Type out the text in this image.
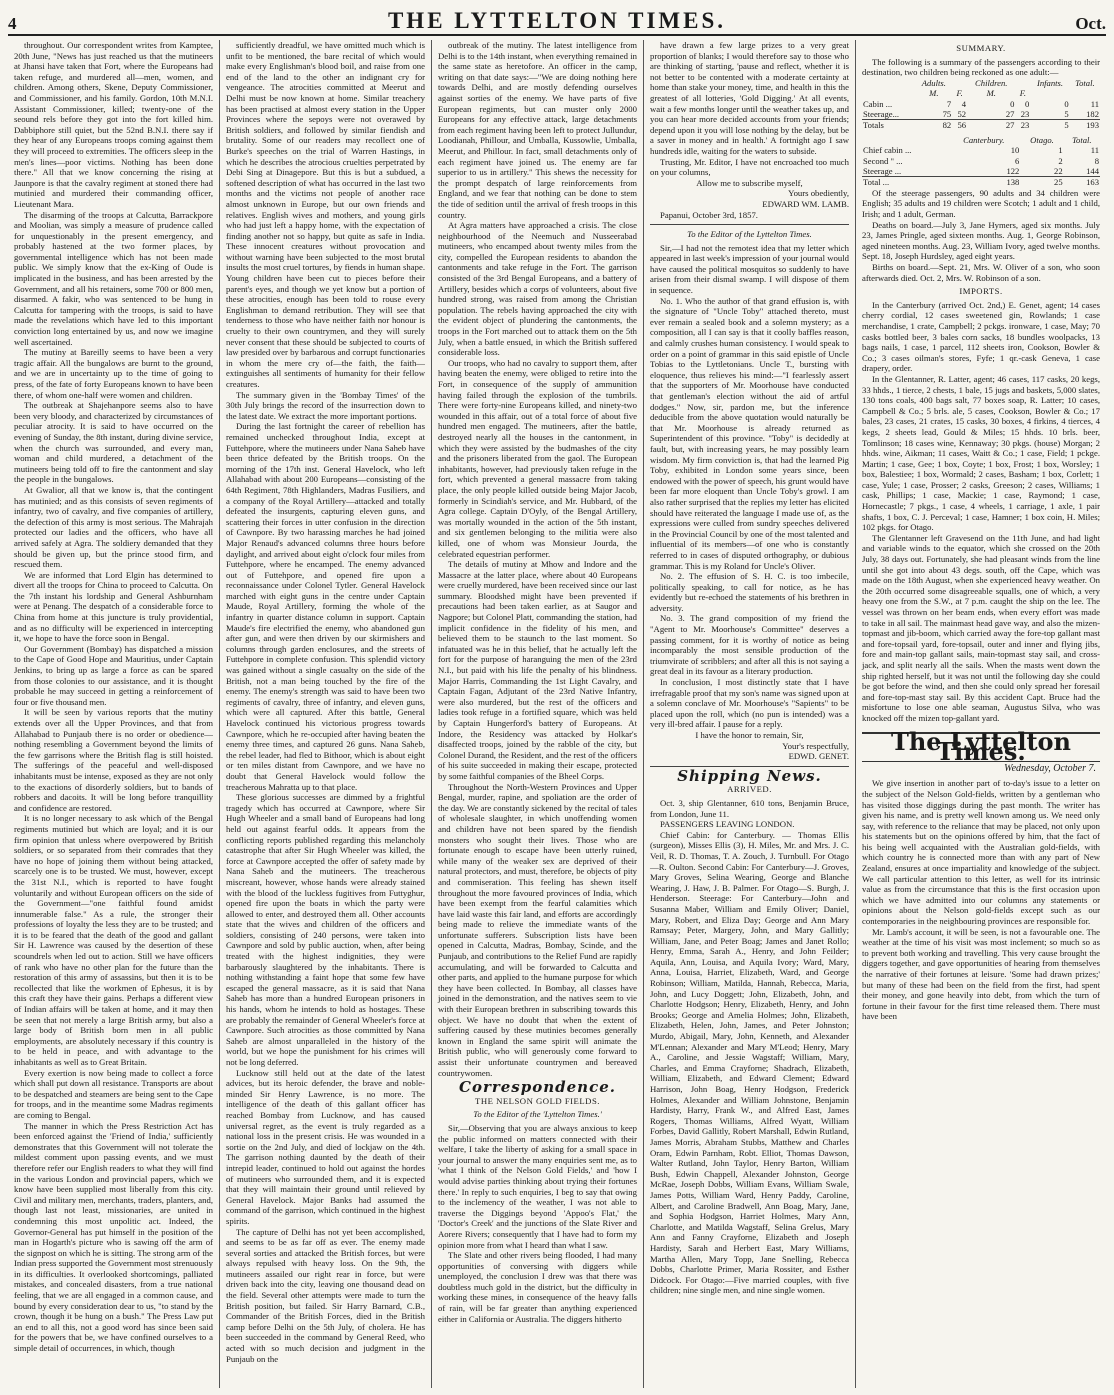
4	THE LYTTELTON TIMES.	Oct.

throughout. Our correspondent writes from Kamptee, 20th June, "News has just reached us that the mutineers at Jhansi have taken that Fort, where the Europeans had taken refuge, and murdered all—men, women, and children. Among others, Skene, Deputy Commissioner, and Commissioner, and his family. Gordon, 10th M.N.I. Assistant Commissioner, killed; twenty-one of the seound rels before they got into the fort killed him. Dabbiphore still quiet, but the 52nd B.N.I. there say if they hear of any Europeans troops coming against them they will proceed to extremities. The officers sleep in the men's lines—poor victims. Nothing has been done there." All that we know concerning the rising at Jaunpore is that the cavalry regiment at stoned there had mutinied and murdered their commanding officer, Lieutenant Mara.

The disarming of the troops at Calcutta, Barrackpore and Moolian, was simply a measure of prudence called for unquestionably in the present emergency, and probably hastened at the two former places, by governmental intelligence which has not been made public. We simply know that the ex-King of Oude is implicated in the business, and has been arrested by the Government, and all his retainers, some 700 or 800 men, disarmed. A fakir, who was sentenced to be hung in Calcutta for tampering with the troops, is said to have made the revelations which have led to this important conviction long entertained by us, and now we imagine well ascertained.

The mutiny at Bareilly seems to have been a very tragic affair. All the bungalows are burnt to the ground, and we are in uncertainty up to the time of going to press, of the fate of forty Europeans known to have been there, of whom one-half were women and children.

The outbreak at Shajehanpore seems also to have been very bloody, and characterized by circumstances of peculiar atrocity. It is said to have occurred on the evening of Sunday, the 8th instant, during divine service, when the church was surrounded, and every man, woman and child murdered, a detachment of the mutineers being told off to fire the cantonment and slay the people in the bungalows.

At Gwalior, all that we know is, that the contingent has mutinied; and as this consists of seven regiments of infantry, two of cavalry, and five companies of artillery, the defection of this army is most serious. The Mahrajah protected our ladies and the officers, who have all arrived safely at Agra. The soldiery demanded that they should be given up, but the prince stood firm, and rescued them.

We are informed that Lord Elgin has determined to divert all the troops for China to proceed to Calcutta. On the 7th instant his lordship and General Ashburnham were at Penang. The despatch of a considerable force to China from home at this juncture is truly providential, and as no difficulty will be experienced in intercepting it, we hope to have the force soon in Bengal.

Our Government (Bombay) has dispatched a mission to the Cape of Good Hope and Mauritius, under Captain Jenkins, to bring up as large a force as can be spared from those colonies to our assistance, and it is thought probable he may succeed in getting a reinforcement of four or five thousand men.

It will be seen by various reports that the mutiny extends over all the Upper Provinces, and that from Allahabad to Punjaub there is no order or obedience—nothing resembling a Government beyond the limits of the few garrisons where the British flag is still hoisted. The sufferings of the peaceful and well-disposed inhabitants must be intense, exposed as they are not only to the exactions of disorderly soldiers, but to bands of robbers and dacoits. It will be long before tranquillity and confidence are restored.

It is no longer necessary to ask which of the Bengal regiments mutinied but which are loyal; and it is our firm opinion that unless where overpowered by British soldiers, or so separated from their comrades that they have no hope of joining them without being attacked, scarcely one is to be trusted. We must, however, except the 31st N.I., which is reported to have fought voluntarily and without European officers on the side of the Government—"one faithful found amidst innumerable false." As a rule, the stronger their professions of loyalty the less they are to be trusted; and it is to be feared that the death of the good and gallant Sir H. Lawrence was caused by the desertion of these scoundrels when led out to action. Still we have officers of rank who have no other plan for the future than the restoration of this army of assassins, but then it is to be recollected that like the workmen of Ephesus, it is by this craft they have their gains. Perhaps a different view of Indian affairs will be taken at home, and it may then be seen that not merely a large British army, but also a large body of British born men in all public employments, are absolutely necessary if this country is to be held in peace, and with advantage to the inhabitants as well as to Great Britain.

Every exertion is now being made to collect a force which shall put down all resistance. Transports are about to be despatched and steamers are being sent to the Cape for troops, and in the meantime some Madras regiments are coming to Bengal.

The manner in which the Press Restriction Act has been enforced against the 'Friend of India,' sufficiently demonstrates that this Government will not tolerate the mildest comment upon passing events, and we must therefore refer our English readers to what they will find in the various London and provincial papers, which we know have been supplied most liberally from this city. Civil and military men, merchants, traders, planters, and, though last not least, missionaries, are united in condemning this most unpolitic act. Indeed, the Governor-General has put himself in the position of the man in Hogarth's picture who is sawing off the arm of the signpost on which he is sitting. The strong arm of the Indian press supported the Government most strenuously in its difficulties. It overlooked shortcomings, palliated mistakes, and concealed disasters, from a true national feeling, that we are all engaged in a common cause, and bound by every consideration dear to us, "to stand by the crown, though it be hung on a bush." The Press Law put an end to all this, not a good word has since been said for the powers that be, we have confined ourselves to a simple detail of occurrences, in which, though

sufficiently dreadful, we have omitted much which is unfit to be mentioned, the bare recital of which would make every Englishman's blood boil, and raise from one end of the land to the other an indignant cry for vengeance. The atrocities committed at Meerut and Delhi must be now known at home. Similar treachery has been practised at almost every station in the Upper Provinces where the sepoys were not overawed by British soldiers, and followed by similar fiendish and brutality. Some of our readers may recollect one of Burke's speeches on the trial of Warren Hastings, in which he describes the atrocious cruelties perpetrated by Debi Sing at Dinagepore. But this is but a subdued, a softened description of what has occurred in the last two months and the victims not people of another race almost unknown in Europe, but our own friends and relatives. English wives and mothers, and young girls who had just left a happy home, with the expectation of finding another not so happy, but quite as safe in India. These innocent creatures without provocation and without warning have been subjected to the most brutal insults the most cruel tortures, by fiends in human shape. Young children have been cut to pieces before their parent's eyes, and though we yet know but a portion of these atrocities, enough has been told to rouse every Englishman to demand retribution. They will see that tenderness to those who have neither faith nor honour is cruelty to their own countrymen, and they will surely never consent that these should be subjected to courts of law presided over by barbarous and corrupt functionaries in whom the mere cry of—the faith, the faith—extinguishes all sentiments of humanity for their fellow creatures.

The summary given in the 'Bombay Times' of the 30th July brings the record of the insurrection down to the latest date. We extract the more important portions.

During the last fortnight the career of rebellion has remained unchecked throughout India, except at Futtehpore, where the mutineers under Nana Saheb have been thrice defeated by the British troops. On the morning of the 17th inst. General Havelock, who left Allahabad with about 200 Europeans—consisting of the 64th Regiment, 78th Highlanders, Madras Fusiliers, and a company of the Royal Artillery—attacked and totally defeated the insurgents, capturing eleven guns, and scattering their forces in utter confusion in the direction of Cawnpore. By two harassing marches he had joined Major Renaud's advanced columns three hours before daylight, and arrived about eight o'clock four miles from Futtehpore, where he encamped. The enemy advanced out of Futtehpore, and opened fire upon a reconnaissance under Colonel Tytler. General Havelock marched with eight guns in the centre under Captain Maude, Royal Artillery, forming the whole of the infantry in quarter distance column in support. Captain Maude's fire electrified the enemy, who abandoned gun after gun, and were then driven by our skirmishers and columns through garden enclosures, and the streets of Futtehpore in complete confusion. This splendid victory was gained without a single casualty on the side of the British, not a man being touched by the fire of the enemy. The enemy's strength was said to have been two regiments of cavalry, three of infantry, and eleven guns, which were all captured. After this battle, General Havelock continued his victorious progress towards Cawnpore, which he re-occupied after having beaten the enemy three times, and captured 26 guns. Nana Saheb, the rebel leader, had fled to Bithoor, which is about eight or ten miles distant from Cawnpore, and we have no doubt that General Havelock would follow the treacherous Mahratta up to that place.

These glorious successes are dimmed by a frightful tragedy which has occurred at Cawnpore, where Sir Hugh Wheeler and a small band of Europeans had long held out against fearful odds. It appears from the conflicting reports published regarding this melancholy catastrophe that after Sir Hugh Wheeler was killed, the force at Cawnpore accepted the offer of safety made by Nana Saheb and the mutineers. The treacherous miscreant, however, whose hands were already stained with the blood of the luckless fugitives from Futtyghur, opened fire upon the boats in which the party were allowed to enter, and destroyed them all. Other accounts state that the wives and children of the officers and soldiers, consisting of 240 persons, were taken into Cawnpore and sold by public auction, when, after being treated with the highest indignities, they were barbarously slaughtered by the inhabitants. There is nothing withstanding a faint hope that some few have escaped the general massacre, as it is said that Nana Saheb has more than a hundred European prisoners in his hands, whom he intends to hold as hostages. These are probably the remainder of General Wheeler's force at Cawnpore. Such atrocities as those committed by Nana Saheb are almost unparalleled in the history of the world, but we hope the punishment for his crimes will not be long deferred.

Lucknow still held out at the date of the latest advices, but its heroic defender, the brave and noble-minded Sir Henry Lawrence, is no more. The intelligence of the death of this gallant officer has reached Bombay from Lucknow, and has caused universal regret, as the event is truly regarded as a national loss in the present crisis. He was wounded in a sortie on the 2nd July, and died of lockjaw on the 4th. The garrison nothing daunted by the death of their intrepid leader, continued to hold out against the hordes of mutineers who surrounded them, and it is expected that they will maintain their ground until relieved by General Havelock. Major Banks had assumed the command of the garrison, which continued in the highest spirits.

The capture of Delhi has not yet been accomplished, and seems to be as far off as ever. The enemy made several sorties and attacked the British forces, but were always repulsed with heavy loss. On the 9th, the mutineers assailed our right rear in force, but were driven back into the city, leaving one thousand dead on the field. Several other attempts were made to turn the British position, but failed. Sir Harry Barnard, C.B., Commander of the British Forces, died in the British camp before Delhi on the 5th July, of cholera. He has been succeeded in the command by General Reed, who acted with so much decision and judgment in the Punjaub on the

outbreak of the mutiny. The latest intelligence from Delhi is to the 14th instant, when everything remained in the same state as heretofore. An officer in the camp, writing on that date says:—"We are doing nothing here towards Delhi, and are mostly defending ourselves against sorties of the enemy. We have parts of five European regiments, but can muster only 2000 Europeans for any effective attack, large detachments from each regiment having been left to protect Jullundur, Loodianah, Phillour, and Umballa, Kussowlie, Umballa, Meerut, and Phillour. In fact, small detachments only of each regiment have joined us. The enemy are far superior to us in artillery." This shews the necessity for the prompt despatch of large reinforcements from England, and we fear that nothing can be done to stem the tide of sedition until the arrival of fresh troops in this country.

At Agra matters have approached a crisis. The close neighbourhood of the Neemuch and Nusseerabad mutineers, who encamped about twenty miles from the city, compelled the European residents to abandon the cantonments and take refuge in the Fort. The garrison consisted of the 3rd Bengal Europeans, and a battery of Artillery, besides which a corps of volunteers, about five hundred strong, was raised from among the Christian population. The rebels having approached the city with the evident object of plundering the cantonments, the troops in the Fort marched out to attack them on the 5th July, when a battle ensued, in which the British suffered considerable loss.

Our troops, who had no cavalry to support them, after having beaten the enemy, were obliged to retire into the Fort, in consequence of the supply of ammunition having failed through the explosion of the tumbrils. There were forty-nine Europeans killed, and ninety-two wounded in this affair, out of a total force of about five hundred men engaged. The mutineers, after the battle, destroyed nearly all the houses in the cantonment, in which they were assisted by the budmashes of the city and the prisoners liberated from the gaol. The European inhabitants, however, had previously taken refuge in the fort, which prevented a general massacre from taking place, the only people killed outside being Major Jacob, formerly in Scindiah's service, and Mr. Hubbard, of the Agra college. Captain D'Oyly, of the Bengal Artillery, was mortally wounded in the action of the 5th instant, and six gentlemen belonging to the militia were also killed, one of whom was Monsieur Jourda, the celebrated equestrian performer.

The details of mutiny at Mhow and Indore and the Massacre at the latter place, where about 40 Europeans were cruelly murdered, have been received since our last summary. Bloodshed might have been prevented if precautions had been taken earlier, as at Saugor and Nagpore; but Colonel Platt, commanding the station, had implicit confidence in the fidelity of his men, and believed them to be staunch to the last moment. So infatuated was he in this belief, that he actually left the fort for the purpose of haranguing the men of the 23rd N.I., but paid with his life the penalty of his blindness. Major Harris, Commanding the 1st Light Cavalry, and Captain Fagan, Adjutant of the 23rd Native Infantry, were also murdered, but the rest of the officers and ladies took refuge in a fortified square, which was held by Captain Hungerford's battery of Europeans. At Indore, the Residency was attacked by Holkar's disaffected troops, joined by the rabble of the city, but Colonel Durand, the Resident, and the rest of the officers of his suite succeeded in making their escape, protected by some faithful companies of the Bheel Corps.

Throughout the North-Western Provinces and Upper Bengal, murder, rapine, and spoliation are the order of the day. We are constantly sickened by the recital of tales of wholesale slaughter, in which unoffending women and children have not been spared by the fiendish monsters who sought their lives. Those who are fortunate enough to escape have been utterly ruined, while many of the weaker sex are deprived of their natural protectors, and must, therefore, be objects of pity and commiseration. This feeling has shewn itself throughout the more favoured provinces of India, which have been exempt from the fearful calamities which have laid waste this fair land, and efforts are accordingly being made to relieve the immediate wants of the unfortunate sufferers. Subscription lists have been opened in Calcutta, Madras, Bombay, Scinde, and the Punjaub, and contributions to the Relief Fund are rapidly accumulating, and will be forwarded to Calcutta and other parts, and applied to the humane purpose for which they have been collected. In Bombay, all classes have joined in the demonstration, and the natives seem to vie with their European brethren in subscribing towards this object. We have no doubt that when the extent of suffering caused by these mutinies becomes generally known in England the same spirit will animate the British public, who will generously come forward to assist their unfortunate countrymen and bereaved countrywomen.

Correspondence.

THE NELSON GOLD FIELDS.

To the Editor of the 'Lyttelton Times.'

Sir,—Observing that you are always anxious to keep the public informed on matters connected with their welfare, I take the liberty of asking for a small space in your journal to answer the many enquiries sent me, as to 'what I think of the Nelson Gold Fields,' and 'how I would advise parties thinking about trying their fortunes there.' In reply to such enquiries, I beg to say that owing to the inclemency of the weather, I was not able to traverse the Diggings beyond 'Appoo's Flat,' the 'Doctor's Creek' and the junctions of the Slate River and Aorere Rivers; consequently that I have had to form my opinion more from what I heard than what I saw.

The Slate and other rivers being flooded, I had many opportunities of conversing with diggers while unemployed, the conclusion I drew was that there was doubtless much gold in the district, but the difficulty in working these mines, in consequence of the heavy falls of rain, will be far greater than anything experienced either in California or Australia. The diggers hitherto

have drawn a few large prizes to a very great proportion of blanks; I would therefore say to those who are thinking of starting, 'pause and reflect, whether it is not better to be contented with a moderate certainty at home than stake your money, time, and health in this the greatest of all lotteries, 'Gold Digging.' At all events, wait a few months longer until the weather takes up, and you can hear more decided accounts from your friends; depend upon it you will lose nothing by the delay, but be a saver in money and in health.' A fortnight ago I saw hundreds idle, waiting for the waters to subside.

Trusting, Mr. Editor, I have not encroached too much on your columns,

Allow me to subscribe myself,

Yours obediently,

EDWARD WM. LAMB.

Papanui, October 3rd, 1857.

To the Editor of the Lyttelton Times.

Sir,—I had not the remotest idea that my letter which appeared in last week's impression of your journal would have caused the political mosquitos so suddenly to have arisen from their dismal swamp. I will dispose of them in sequence.

No. 1. Who the author of that grand effusion is, with the signature of "Uncle Toby" attached thereto, must ever remain a sealed book and a solemn mystery; as a composition, all I can say is that it coolly baffles reason, and calmly crushes human consistency. I would speak to order on a point of grammar in this said epistle of Uncle Tobias to the Lyttletonians. Uncle T., bursting with eloquence, thus relieves his mind:—"I fearlessly assert that the supporters of Mr. Moorhouse have conducted that gentleman's election without the aid of artful dodges." Now, sir, pardon me, but the inference deducible from the above quotation would naturally be that Mr. Moorhouse is already returned as Superintendent of this province. "Toby" is decidedly at fault, but, with increasing years, he may possibly learn wisdom. My firm conviction is, that had the learned Pig Toby, exhibited in London some years since, been endowed with the power of speech, his grunt would have been far more eloquent than Uncle Toby's growl. I am also rather surprised that the replies my letter has elicited should have reiterated the language I made use of, as the expressions were culled from sundry speeches delivered in the Provincial Council by one of the most talented and influential of its members—of one who is constantly referred to in cases of disputed orthography, or dubious grammar. This is my Roland for Uncle's Oliver.

No. 2. The effusion of S. H. C. is too imbecile, politically speaking, to call for notice, as he has evidently but re-echoed the statements of his brethren in adversity.

No. 3. The grand composition of my friend the "Agent to Mr. Moorhouse's Committee" deserves a passing comment, for it is worthy of notice as being incomparably the most sensible production of the triumvirate of scribblers; and after all this is not saying a great deal in its favour as a literary production.

In conclusion, I most distinctly state that I have irrefragable proof that my son's name was signed upon at a solemn conclave of Mr. Moorhouse's "Sapients" to be placed upon the roll, which (no pun is intended) was a very ill-bred affair. I pause for a reply.

I have the honor to remain, Sir,

Your's respectfully,

EDWD. GENET.

Shipping News.

ARRIVED.

Oct. 3, ship Glentanner, 610 tons, Benjamin Bruce, from London, June 11.

PASSENGERS LEAVING LONDON.

Chief Cabin: for Canterbury. — Thomas Ellis (surgeon), Misses Ellis (3), H. Miles, Mr. and Mrs. J. C. Veil, R. D. Thomas, T. A. Zouch, J. Turnbull. For Otago—R. Oulton. Second Cabin: For Canterbury—J. Groves, Mary Groves, Selina Wearing, George and Blanche Wearing, J. Haw, J. B. Palmer. For Otago—S. Burgh, J. Henderson. Steerage: For Canterbury—John and Susanna Maber, William and Emily Oliver; Daniel, Mary, Robert, and Eliza Day; George and Ann Mary Ramsay; Peter, Margery, John, and Mary Gallitly; William, Jane, and Peter Boag; James and Janet Rollo; Henry, Emma, Sarah A., Henry, and John Feilder; Aquila, Ann, Louisa, and Aquila Ivory; Ward, Mary, Anna, Louisa, Harriet, Elizabeth, Ward, and George Robinson; William, Matilda, Hannah, Rebecca, Maria, John, and Lucy Doggett; John, Elizabeth, John, and Charlotte Hodgson; Henry, Elizabeth, Henry, and John Brooks; George and Amelia Holmes; John, Elizabeth, Elizabeth, Helen, John, James, and Peter Johnston; Murdo, Abigail, Mary, John, Kenneth, and Alexander M'Lennan; Alexander and Mary M'Leod; Henry, Mary A., Caroline, and Jessie Wagstaff; William, Mary, Charles, and Emma Crayforne; Shadrach, Elizabeth, William, Elizabeth, and Edward Clement; Edward Harrison, John Boag, Henry Hodgson, Frederick Holmes, Alexander and William Johnstone, Benjamin Hardisty, Harry, Frank W., and Alfred East, James Rogers, Thomas Williams, Alfred Wyatt, William Forbes, David Gallitly, Robert Marshall, Edwin Rutland, James Morris, Abraham Stubbs, Matthew and Charles Oram, Edwin Parnham, Robt. Elliot, Thomas Dawson, Walter Rutland, John Taylor, Henry Barton, William Bush, Edwin Chappell, Alexander Johnston, George McRae, Joseph Dobbs, William Evans, William Swale, James Potts, William Ward, Henry Paddy, Caroline, Albert, and Caroline Bradwell, Ann Boag, Mary, Jane, and Sophia Hodgson, Harriet Holmes, Mary Ann, Charlotte, and Matilda Wagstaff, Selina Grelus, Mary Ann and Fanny Crayforne, Elizabeth and Joseph Hardisty, Sarah and Herbert East, Mary Williams, Martha Allen, Mary Topp, Jane Snelling, Rebecca Dobbs, Charlotte Primer, Maria Rossiter, and Esther Didcock. For Otago:—Five married couples, with five children; nine single men, and nine single women.

SUMMARY.

The following is a summary of the passengers according to their destination, two children being reckoned as one adult:—

	Adults.		Children.		Infants.	Total.
	M.	F.	M.	F.		
Cabin ...	7	4	0	0	0	11
Steerage...	75	52	27	23	5	182
Totals	82	56	27	23	5	193
	Canterbury.	Otago.	Total.
Chief cabin ...	10	1	11
Second " ...	6	2	8
Steerage ...	122	22	144
Total ...	138	25	163

Of the steerage passengers, 90 adults and 34 children were English; 35 adults and 19 children were Scotch; 1 adult and 1 child, Irish; and 1 adult, German.

Deaths on board.—July 3, Jane Hymers, aged six months. July 23, James Pringle, aged sixteen months. Aug. 1, George Robinson, aged nineteen months. Aug. 23, William Ivory, aged twelve months. Sept. 18, Joseph Hurdsley, aged eight years.

Births on board.—Sept. 21, Mrs. W. Oliver of a son, who soon afterwards died. Oct. 2, Mrs. W. Robinson of a son.

IMPORTS.

In the Canterbury (arrived Oct. 2nd,) E. Genet, agent; 14 cases cherry cordial, 12 cases sweetened gin, Rowlands; 1 case merchandise, 1 crate, Campbell; 2 pckgs. ironware, 1 case, May; 70 casks bottled beer, 3 bales corn sacks, 18 bundles woolpacks, 13 bags nails, 1 case, 1 parcel, 112 sheets iron, Cookson, Bowler & Co.; 3 cases oilman's stores, Fyfe; 1 qr.-cask Geneva, 1 case drapery, order.

In the Glentanner, R. Latter, agent; 46 cases, 117 casks, 20 kegs, 33 hhds., 1 tierce, 2 chests, 1 bale, 15 jugs and baskets, 5,000 slates, 130 tons coals, 400 bags salt, 77 boxes soap, R. Latter; 10 cases, Campbell & Co.; 5 brls. ale, 5 cases, Cookson, Bowler & Co.; 17 bales, 23 cases, 21 crates, 15 casks, 30 boxes, 4 firkins, 4 tierces, 4 kegs, 2 sheets lead, Gould & Miles; 15 hhds. 10 brls. beer, Tomlinson; 18 cases wine, Kennaway; 30 pkgs. (house) Morgan; 2 hhds. wine, Aikman; 11 cases, Waitt & Co.; 1 case, Field; 1 pckge. Martin; 1 case, Gee; 1 box, Coyte; 1 box, Frost; 1 box, Worsley; 1 box, Balestiee; 1 box, Wormald; 2 cases, Basham; 1 box, Corlett; 1 case, Yule; 1 case, Prosser; 2 casks, Greeson; 2 cases, Williams; 1 cask, Phillips; 1 case, Mackie; 1 case, Raymond; 1 case, Hornecastle; 7 pkgs., 1 case, 4 wheels, 1 carriage, 1 axle, 1 pair shafts, 1 box, C. J. Perceval; 1 case, Hamner; 1 box coin, H. Miles; 102 pkgs. for Otago.

The Glentanner left Gravesend on the 11th June, and had light and variable winds to the equator, which she crossed on the 20th July, 38 days out. Fortunately, she had pleasant winds from the line until she got into about 43 degs. south, off the Cape, which was made on the 18th August, when she experienced heavy weather. On the 20th occurred some disagreeable squalls, one of which, a very heavy one from the S.W., at 7 p.m. caught the ship on the lee. The vessel was thrown on her beam ends, when every effort was made to take in all sail. The mainmast head gave way, and also the mizen-topmast and jib-boom, which carried away the fore-top gallant mast and fore-topsail yard, fore-topsail, outer and inner and flying jibs, fore and main-top gallant sails, main-topmast stay sail, and cross-jack, and split nearly all the sails. When the masts went down the ship righted herself, but it was not until the following day she could be got before the wind, and then she could only spread her foresail and fore-top-mast stay sail. By this accident Capt. Bruce had the misfortune to lose one able seaman, Augustus Silva, who was knocked off the mizen top-gallant yard.

The Lyttelton Times.
Wednesday, October 7.

We give insertion in another part of to-day's issue to a letter on the subject of the Nelson Gold-fields, written by a gentleman who has visited those diggings during the past month. The writer has given his name, and is pretty well known among us. We need only say, with reference to the reliance that may be placed, not only upon his statements but on the opinions offered by him, that the fact of his being well acquainted with the Australian gold-fields, with which country he is connected more than with any part of New Zealand, ensures at once impartiality and knowledge of the subject. We call particular attention to this letter, as well for its intrinsic value as from the circumstance that this is the first occasion upon which we have admitted into our columns any statements or opinions about the Nelson gold-fields except such as our contemporaries in the neighbouring provinces are responsible for.

Mr. Lamb's account, it will be seen, is not a favourable one. The weather at the time of his visit was most inclement; so much so as to prevent both working and travelling. This very cause brought the diggers together, and gave opportunities of hearing from themselves the narrative of their fortunes at leisure. 'Some had drawn prizes;' but many of these had been on the field from the first, had spent their money, and gone heavily into debt, from which the turn of fortune in their favour for the first time released them. There must have been
